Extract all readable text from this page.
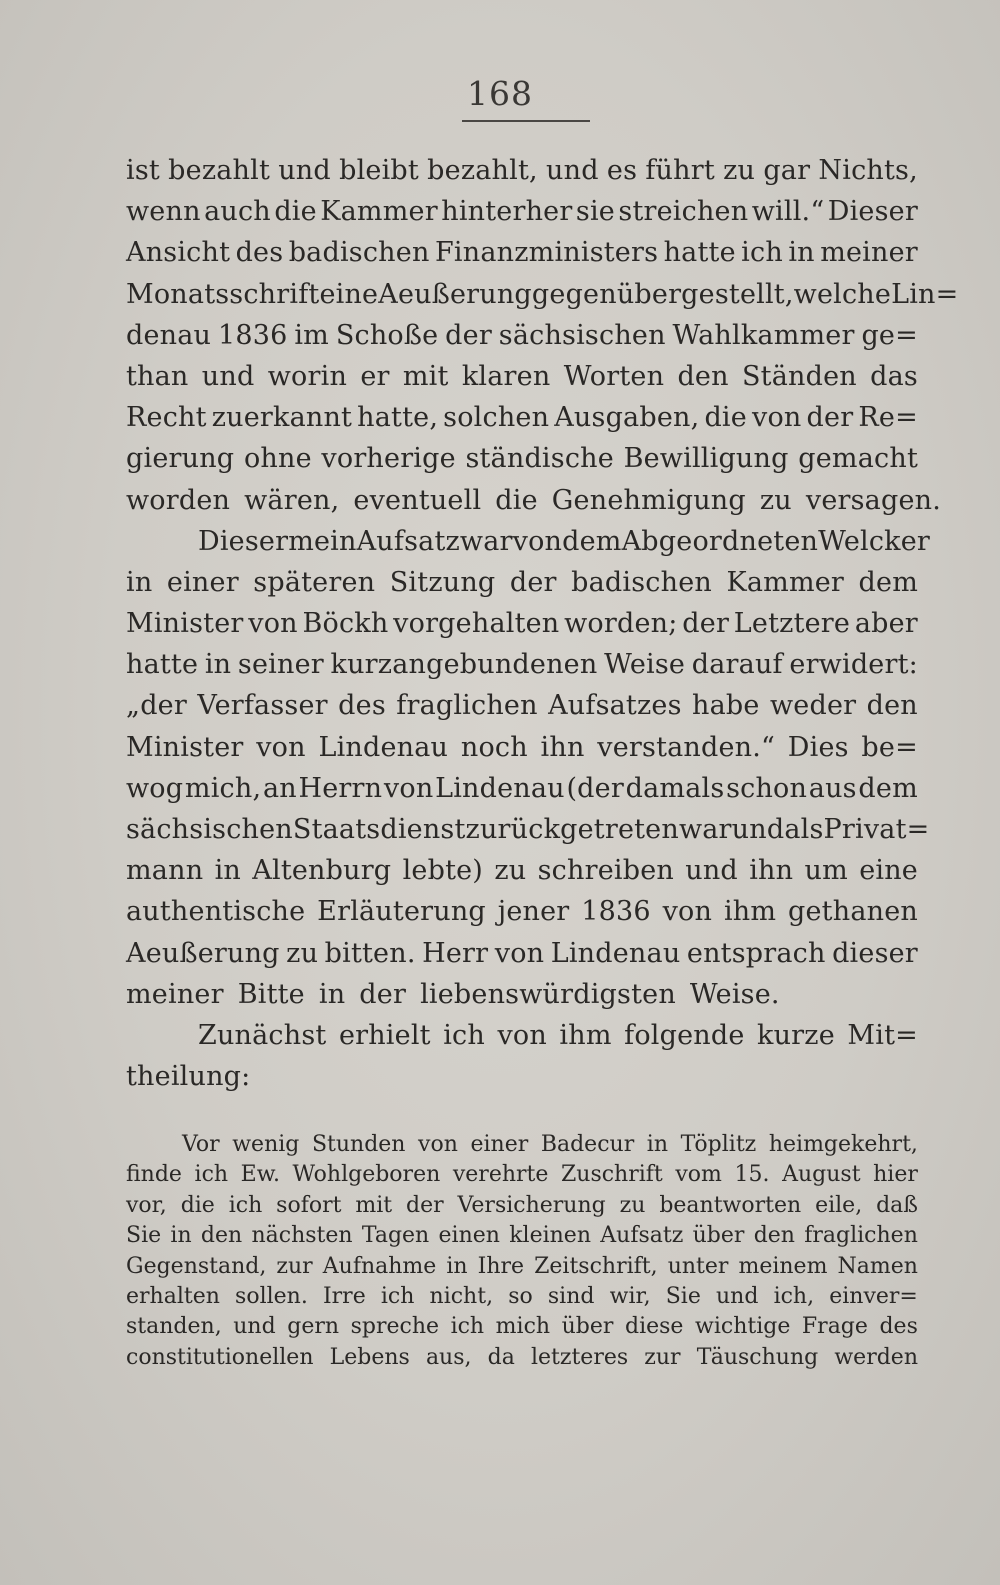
168
ist bezahlt und bleibt bezahlt, und es führt zu gar Nichts,
wenn auch die Kammer hinterher sie streichen will.“ Dieser
Ansicht des badischen Finanzministers hatte ich in meiner
Monatsschrift eine Aeußerung gegenübergestellt, welche Lin=
denau 1836 im Schoße der sächsischen Wahlkammer ge=
than und worin er mit klaren Worten den Ständen das
Recht zuerkannt hatte, solchen Ausgaben, die von der Re=
gierung ohne vorherige ständische Bewilligung gemacht
worden wären, eventuell die Genehmigung zu versagen.
Dieser mein Aufsatz war von dem Abgeordneten Welcker
in einer späteren Sitzung der badischen Kammer dem
Minister von Böckh vorgehalten worden; der Letztere aber
hatte in seiner kurzangebundenen Weise darauf erwidert:
„der Verfasser des fraglichen Aufsatzes habe weder den
Minister von Lindenau noch ihn verstanden.“ Dies be=
wog mich, an Herrn von Lindenau (der damals schon aus dem
sächsischen Staatsdienst zurückgetreten war und als Privat=
mann in Altenburg lebte) zu schreiben und ihn um eine
authentische Erläuterung jener 1836 von ihm gethanen
Aeußerung zu bitten. Herr von Lindenau entsprach dieser
meiner Bitte in der liebenswürdigsten Weise.
Zunächst erhielt ich von ihm folgende kurze Mit=
theilung:
Vor wenig Stunden von einer Badecur in Töplitz heimgekehrt,
finde ich Ew. Wohlgeboren verehrte Zuschrift vom 15. August hier
vor, die ich sofort mit der Versicherung zu beantworten eile, daß
Sie in den nächsten Tagen einen kleinen Aufsatz über den fraglichen
Gegenstand, zur Aufnahme in Ihre Zeitschrift, unter meinem Namen
erhalten sollen. Irre ich nicht, so sind wir, Sie und ich, einver=
standen, und gern spreche ich mich über diese wichtige Frage des
constitutionellen Lebens aus, da letzteres zur Täuschung werden
